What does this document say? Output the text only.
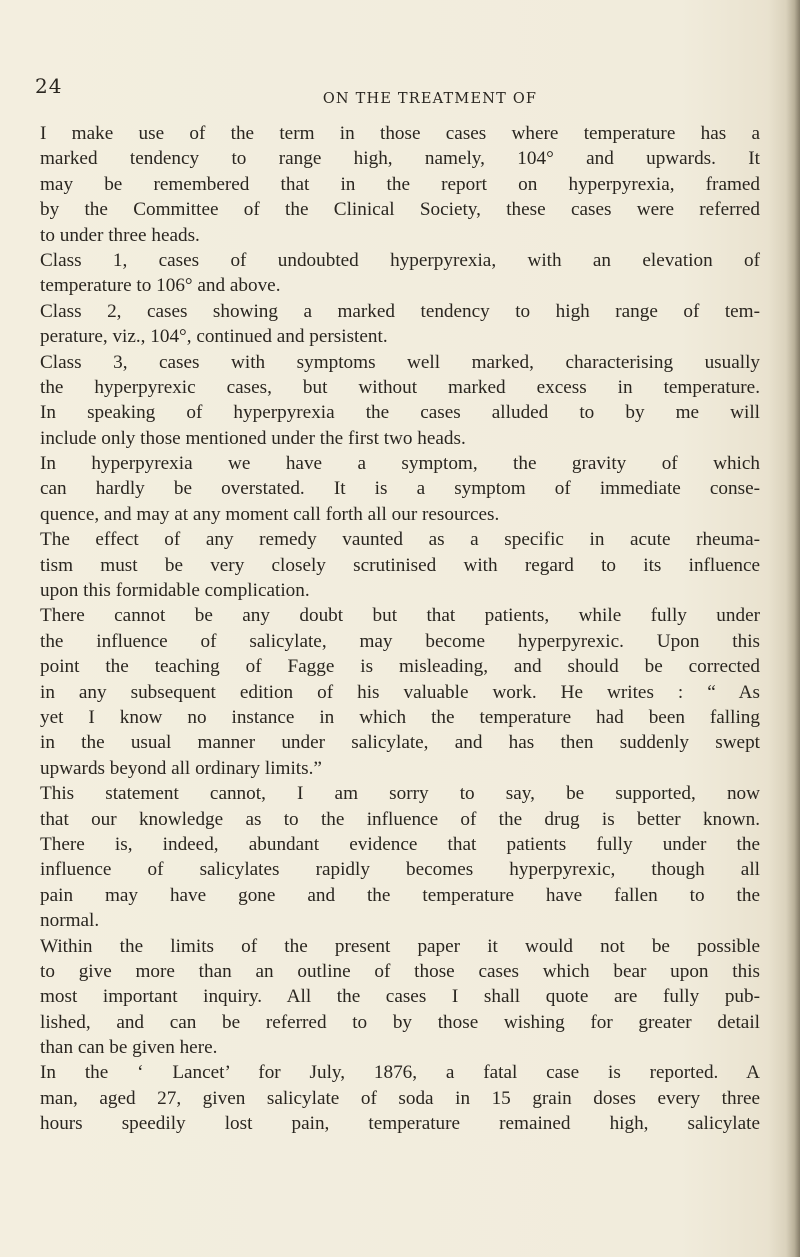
24
ON THE TREATMENT OF
I make use of the term in those cases where temperature has a
marked tendency to range high, namely, 104° and upwards. It
may be remembered that in the report on hyperpyrexia, framed
by the Committee of the Clinical Society, these cases were referred
to under three heads.
Class 1, cases of undoubted hyperpyrexia, with an elevation of
temperature to 106° and above.
Class 2, cases showing a marked tendency to high range of tem-
perature, viz., 104°, continued and persistent.
Class 3, cases with symptoms well marked, characterising usually
the hyperpyrexic cases, but without marked excess in temperature.
In speaking of hyperpyrexia the cases alluded to by me will
include only those mentioned under the first two heads.
In hyperpyrexia we have a symptom, the gravity of which
can hardly be overstated. It is a symptom of immediate conse-
quence, and may at any moment call forth all our resources.
The effect of any remedy vaunted as a specific in acute rheuma-
tism must be very closely scrutinised with regard to its influence
upon this formidable complication.
There cannot be any doubt but that patients, while fully under
the influence of salicylate, may become hyperpyrexic. Upon this
point the teaching of Fagge is misleading, and should be corrected
in any subsequent edition of his valuable work. He writes : “ As
yet I know no instance in which the temperature had been falling
in the usual manner under salicylate, and has then suddenly swept
upwards beyond all ordinary limits.”
This statement cannot, I am sorry to say, be supported, now
that our knowledge as to the influence of the drug is better known.
There is, indeed, abundant evidence that patients fully under the
influence of salicylates rapidly becomes hyperpyrexic, though all
pain may have gone and the temperature have fallen to the
normal.
Within the limits of the present paper it would not be possible
to give more than an outline of those cases which bear upon this
most important inquiry. All the cases I shall quote are fully pub-
lished, and can be referred to by those wishing for greater detail
than can be given here.
In the ‘ Lancet’ for July, 1876, a fatal case is reported. A
man, aged 27, given salicylate of soda in 15 grain doses every three
hours speedily lost pain, temperature remained high, salicylate
